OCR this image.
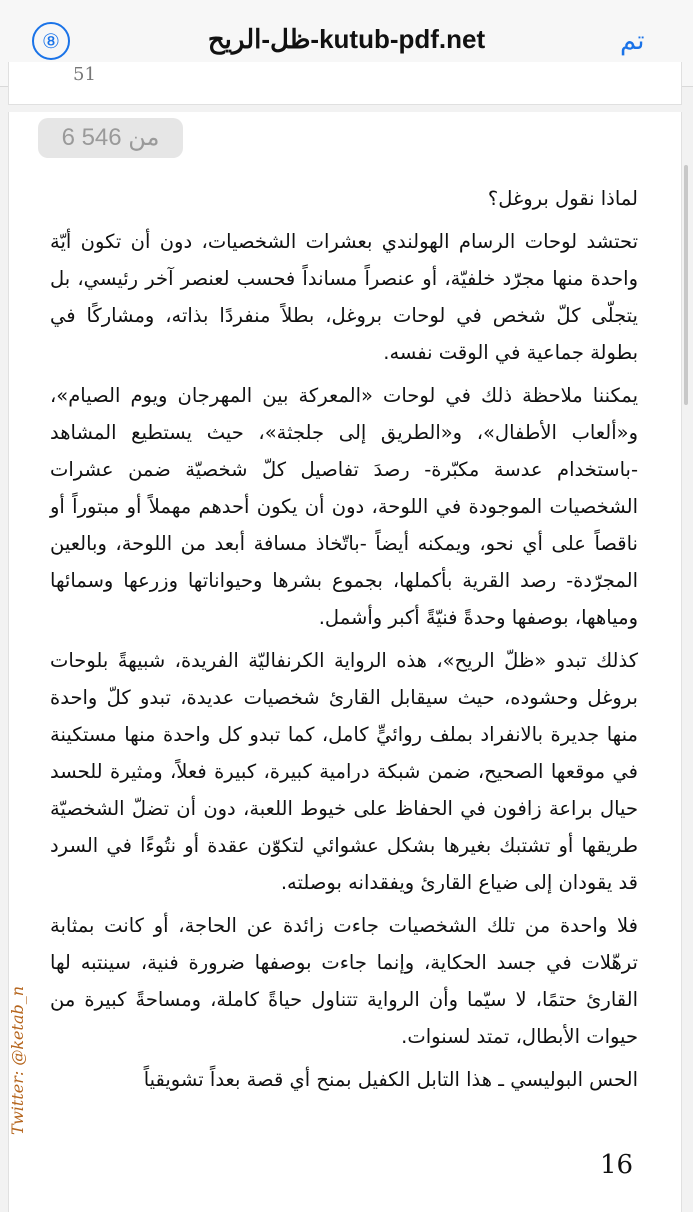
⑧	ظل-الريح-kutub-pdf.net	تم
51
6 من 546

لماذا نقول بروغل؟

تحتشد لوحات الرسام الهولندي بعشرات الشخصيات، دون أن تكون أيّة واحدة منها مجرّد خلفيّة، أو عنصراً مسانداً فحسب لعنصر آخر رئيسي، بل يتجلّى كلّ شخص في لوحات بروغل، بطلاً منفردًا بذاته، ومشاركًا في بطولة جماعية في الوقت نفسه.

يمكننا ملاحظة ذلك في لوحات «المعركة بين المهرجان ويوم الصيام»، و«ألعاب الأطفال»، و«الطريق إلى جلجثة»، حيث يستطيع المشاهد -باستخدام عدسة مكبّرة- رصدَ تفاصيل كلّ شخصيّة ضمن عشرات الشخصيات الموجودة في اللوحة، دون أن يكون أحدهم مهملاً أو مبتوراً أو ناقصاً على أي نحو، ويمكنه أيضاً -باتّخاذ مسافة أبعد من اللوحة، وبالعين المجرّدة- رصد القرية بأكملها، بجموع بشرها وحيواناتها وزرعها وسمائها ومياهها، بوصفها وحدةً فنيّةً أكبر وأشمل.

كذلك تبدو «ظلّ الريح»، هذه الرواية الكرنفاليّة الفريدة، شبيهةً بلوحات بروغل وحشوده، حيث سيقابل القارئ شخصيات عديدة، تبدو كلّ واحدة منها جديرة بالانفراد بملف روائيٍّ كامل، كما تبدو كل واحدة منها مستكينة في موقعها الصحيح، ضمن شبكة درامية كبيرة، كبيرة فعلاً، ومثيرة للحسد حيال براعة زافون في الحفاظ على خيوط اللعبة، دون أن تضلّ الشخصيّة طريقها أو تشتبك بغيرها بشكل عشوائي لتكوّن عقدة أو نتُوءًا في السرد قد يقودان إلى ضياع القارئ ويفقدانه بوصلته.

فلا واحدة من تلك الشخصيات جاءت زائدة عن الحاجة، أو كانت بمثابة ترهّلات في جسد الحكاية، وإنما جاءت بوصفها ضرورة فنية، سينتبه لها القارئ حتمًا، لا سيّما وأن الرواية تتناول حياةً كاملة، ومساحةً كبيرة من حيوات الأبطال، تمتد لسنوات.

الحس البوليسي ـ هذا التابل الكفيل بمنح أي قصة بعداً تشويقياً

Twitter: @ketab_n
16
